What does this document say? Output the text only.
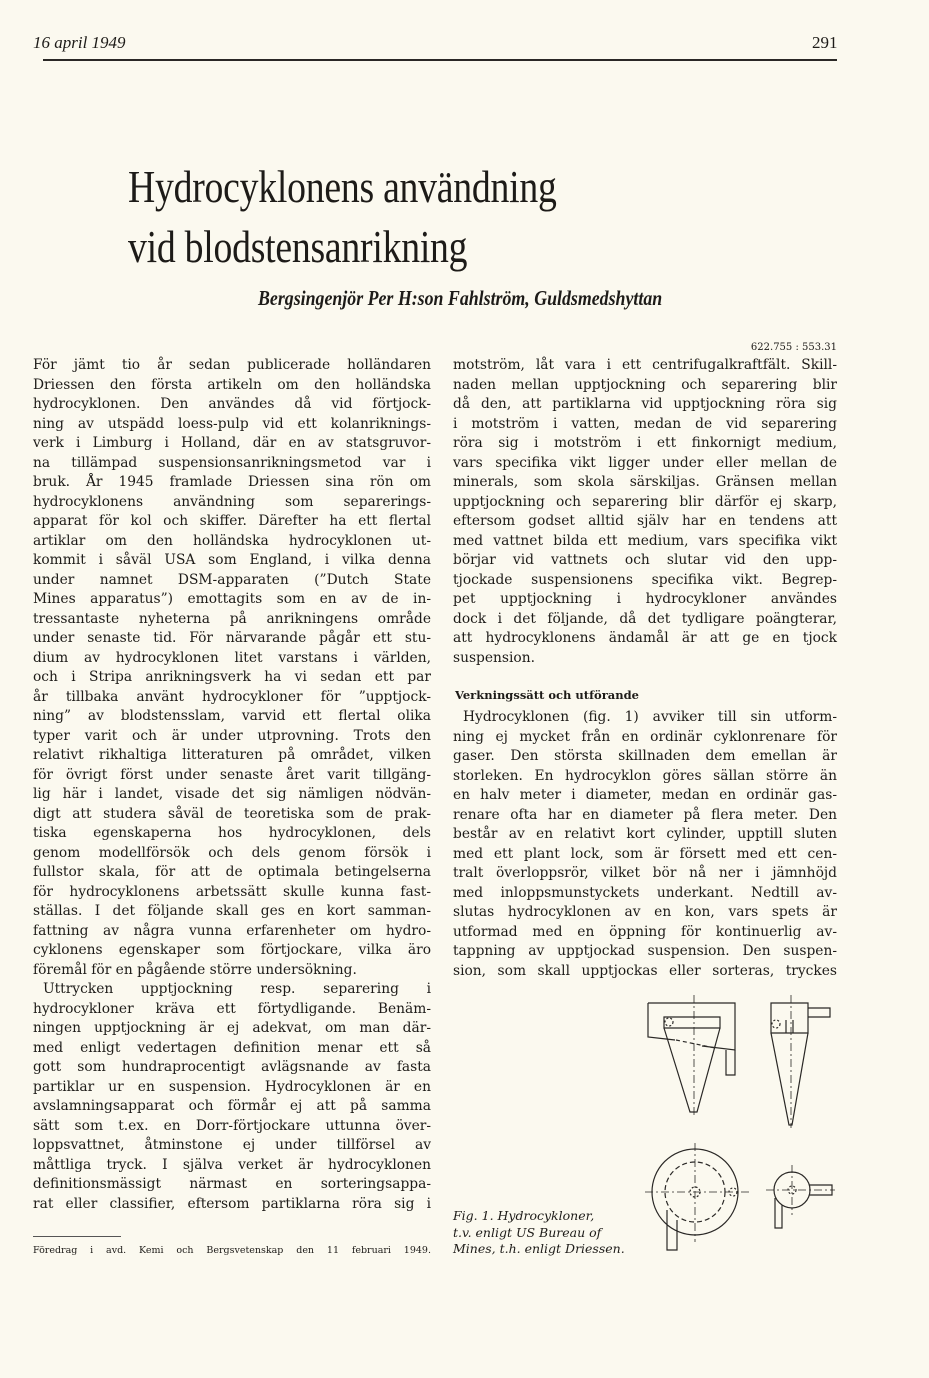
16 april 1949	291
Hydrocyklonens användning
vid blodstensanrikning
Bergsingenjör Per H:son Fahlström, Guldsmedshyttan
För jämt tio år sedan publicerade holländaren
Driessen den första artikeln om den holländska
hydrocyklonen. Den användes då vid förtjock-
ning av utspädd loess-pulp vid ett kolanriknings-
verk i Limburg i Holland, där en av statsgruvor-
na tillämpad suspensionsanrikningsmetod var i
bruk. År 1945 framlade Driessen sina rön om
hydrocyklonens användning som separerings-
apparat för kol och skiffer. Därefter ha ett flertal
artiklar om den holländska hydrocyklonen ut-
kommit i såväl USA som England, i vilka denna
under namnet DSM-apparaten (”Dutch State
Mines apparatus”) emottagits som en av de in-
tressantaste nyheterna på anrikningens område
under senaste tid. För närvarande pågår ett stu-
dium av hydrocyklonen litet varstans i världen,
och i Stripa anrikningsverk ha vi sedan ett par
år tillbaka använt hydrocykloner för ”upptjock-
ning” av blodstensslam, varvid ett flertal olika
typer varit och är under utprovning. Trots den
relativt rikhaltiga litteraturen på området, vilken
för övrigt först under senaste året varit tillgäng-
lig här i landet, visade det sig nämligen nödvän-
digt att studera såväl de teoretiska som de prak-
tiska egenskaperna hos hydrocyklonen, dels
genom modellförsök och dels genom försök i
fullstor skala, för att de optimala betingelserna
för hydrocyklonens arbetssätt skulle kunna fast-
ställas. I det följande skall ges en kort samman-
fattning av några vunna erfarenheter om hydro-
cyklonens egenskaper som förtjockare, vilka äro
föremål för en pågående större undersökning.
Uttrycken upptjockning resp. separering i
hydrocykloner kräva ett förtydligande. Benäm-
ningen upptjockning är ej adekvat, om man där-
med enligt vedertagen definition menar ett så
gott som hundraprocentigt avlägsnande av fasta
partiklar ur en suspension. Hydrocyklonen är en
avslamningsapparat och förmår ej att på samma
sätt som t.ex. en Dorr-förtjockare uttunna över-
loppsvattnet, åtminstone ej under tillförsel av
måttliga tryck. I själva verket är hydrocyklonen
definitionsmässigt närmast en sorteringsappa-
rat eller classifier, eftersom partiklarna röra sig i
622.755 : 553.31
motström, låt vara i ett centrifugalkraftfält. Skill-
naden mellan upptjockning och separering blir
då den, att partiklarna vid upptjockning röra sig
i motström i vatten, medan de vid separering
röra sig i motström i ett finkornigt medium,
vars specifika vikt ligger under eller mellan de
minerals, som skola särskiljas. Gränsen mellan
upptjockning och separering blir därför ej skarp,
eftersom godset alltid själv har en tendens att
med vattnet bilda ett medium, vars specifika vikt
börjar vid vattnets och slutar vid den upp-
tjockade suspensionens specifika vikt. Begrep-
pet upptjockning i hydrocykloner användes
dock i det följande, då det tydligare poängterar,
att hydrocyklonens ändamål är att ge en tjock
suspension.
Verkningssätt och utförande
Hydrocyklonen (fig. 1) avviker till sin utform-
ning ej mycket från en ordinär cyklonrenare för
gaser. Den största skillnaden dem emellan är
storleken. En hydrocyklon göres sällan större än
en halv meter i diameter, medan en ordinär gas-
renare ofta har en diameter på flera meter. Den
består av en relativt kort cylinder, upptill sluten
med ett plant lock, som är försett med ett cen-
tralt överloppsrör, vilket bör nå ner i jämnhöjd
med inloppsmunstyckets underkant. Nedtill av-
slutas hydrocyklonen av en kon, vars spets är
utformad med en öppning för kontinuerlig av-
tappning av upptjockad suspension. Den suspen-
sion, som skall upptjockas eller sorteras, tryckes
Fig. 1. Hydrocykloner,
t.v. enligt US Bureau of
Mines, t.h. enligt Driessen.
Föredrag i avd. Kemi och Bergsvetenskap den 11 februari 1949.
